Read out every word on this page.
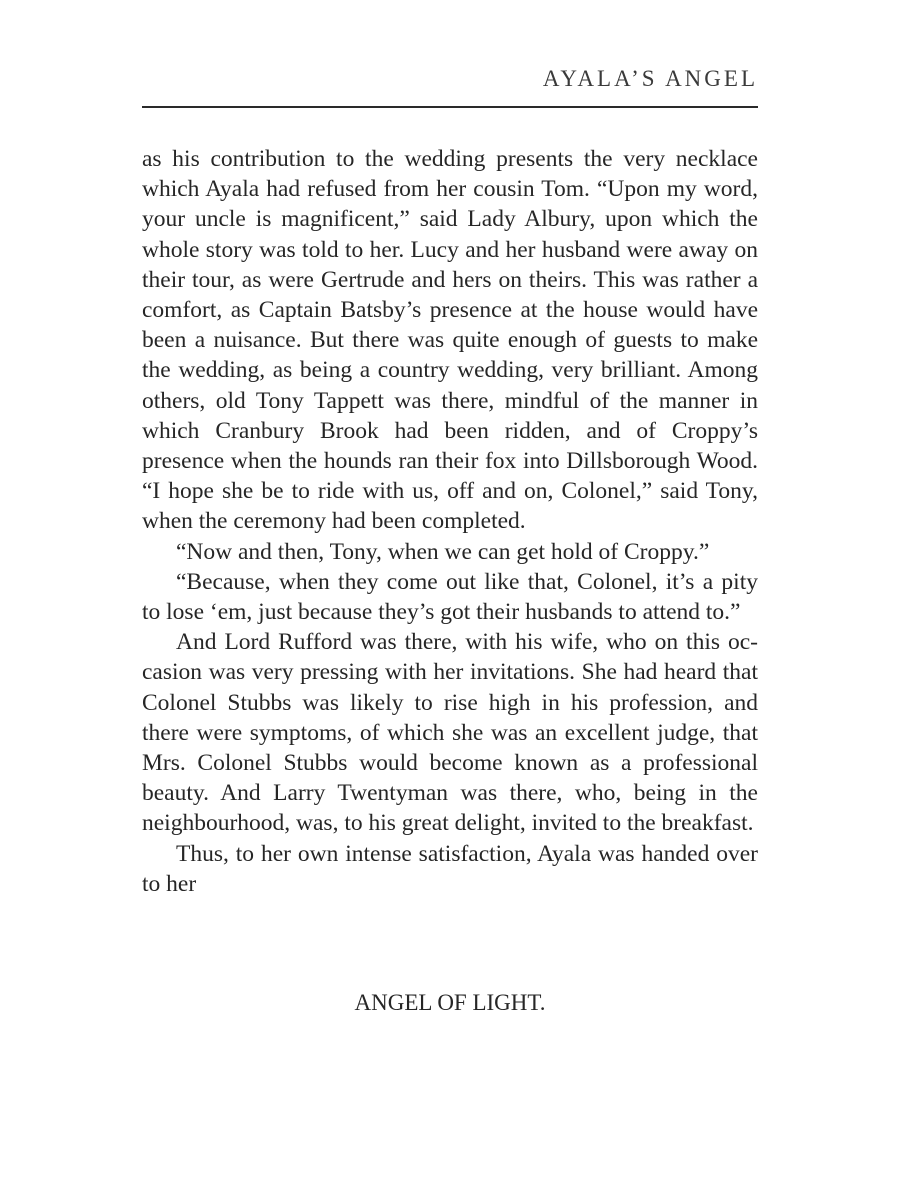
AYALA’S ANGEL

as his contribution to the wedding presents the very necklace which Ayala had refused from her cousin Tom. “Upon my word, your uncle is magnificent,” said Lady Albury, upon which the whole story was told to her. Lucy and her husband were away on their tour, as were Gertrude and hers on theirs. This was rather a comfort, as Captain Batsby’s presence at the house would have been a nuisance. But there was quite enough of guests to make the wedding, as being a country wedding, very brilliant. Among others, old Tony Tappett was there, mindful of the manner in which Cranbury Brook had been ridden, and of Croppy’s presence when the hounds ran their fox into Dillsborough Wood. “I hope she be to ride with us, off and on, Colonel,” said Tony, when the ceremony had been completed.

“Now and then, Tony, when we can get hold of Croppy.”

“Because, when they come out like that, Colonel, it’s a pity to lose ‘em, just because they’s got their husbands to attend to.”

And Lord Rufford was there, with his wife, who on this occasion was very pressing with her invitations. She had heard that Colonel Stubbs was likely to rise high in his profession, and there were symptoms, of which she was an excellent judge, that Mrs. Colonel Stubbs would become known as a professional beauty. And Larry Twentyman was there, who, being in the neighbourhood, was, to his great delight, invited to the breakfast.

Thus, to her own intense satisfaction, Ayala was handed over to her

ANGEL OF LIGHT.
